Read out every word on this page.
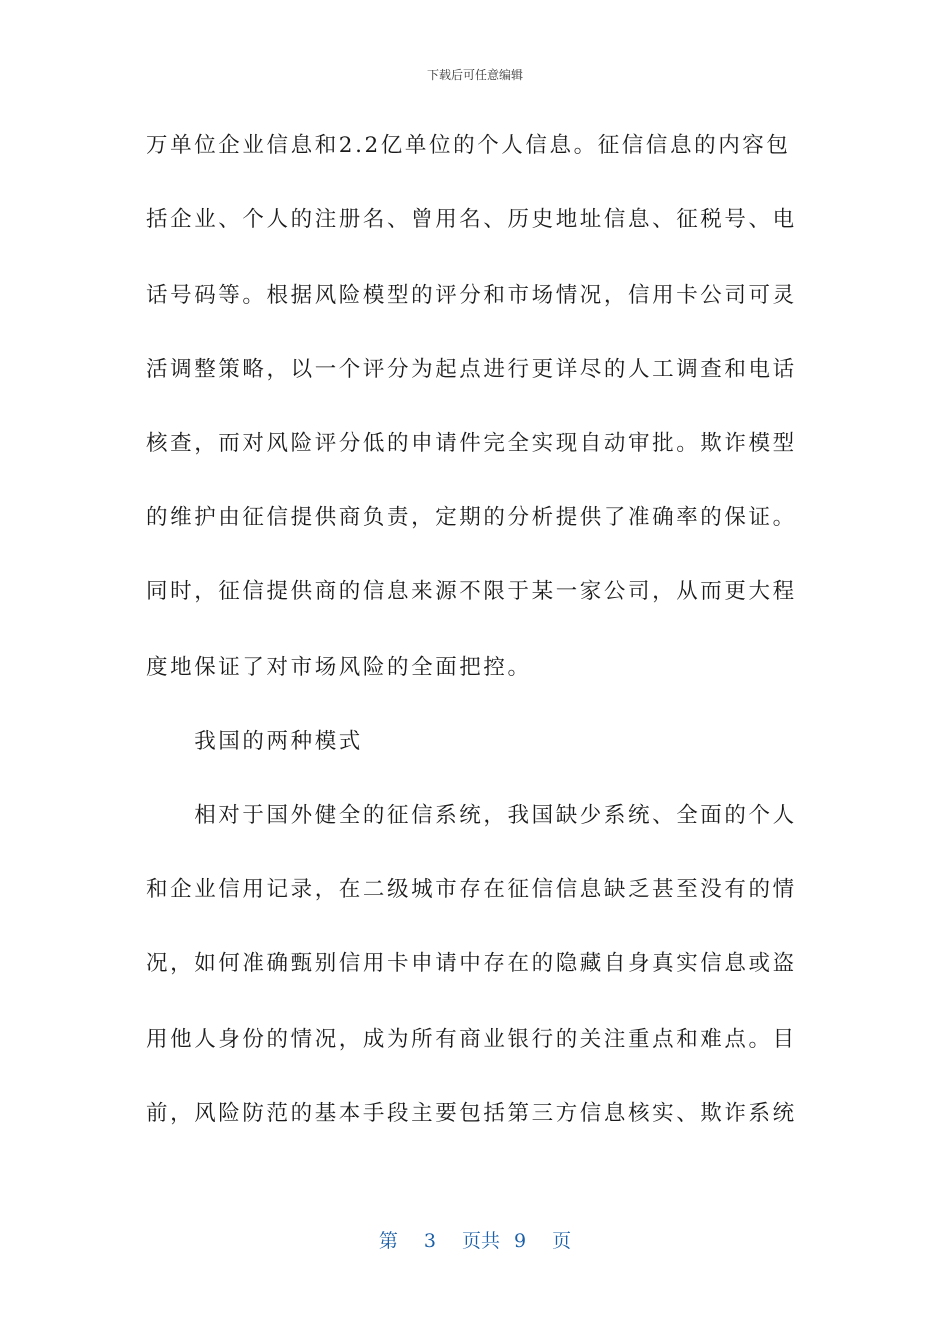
下载后可任意编辑

万单位企业信息和2.2亿单位的个人信息。征信信息的内容包

括企业、个人的注册名、曾用名、历史地址信息、征税号、电

话号码等。根据风险模型的评分和市场情况，信用卡公司可灵

活调整策略，以一个评分为起点进行更详尽的人工调查和电话

核查，而对风险评分低的申请件完全实现自动审批。欺诈模型

的维护由征信提供商负责，定期的分析提供了准确率的保证。

同时，征信提供商的信息来源不限于某一家公司，从而更大程

度地保证了对市场风险的全面把控。

　　我国的两种模式

　　相对于国外健全的征信系统，我国缺少系统、全面的个人

和企业信用记录，在二级城市存在征信信息缺乏甚至没有的情

况，如何准确甄别信用卡申请中存在的隐藏自身真实信息或盗

用他人身份的情况，成为所有商业银行的关注重点和难点。目

前，风险防范的基本手段主要包括第三方信息核实、欺诈系统

第 3 页共 9 页
